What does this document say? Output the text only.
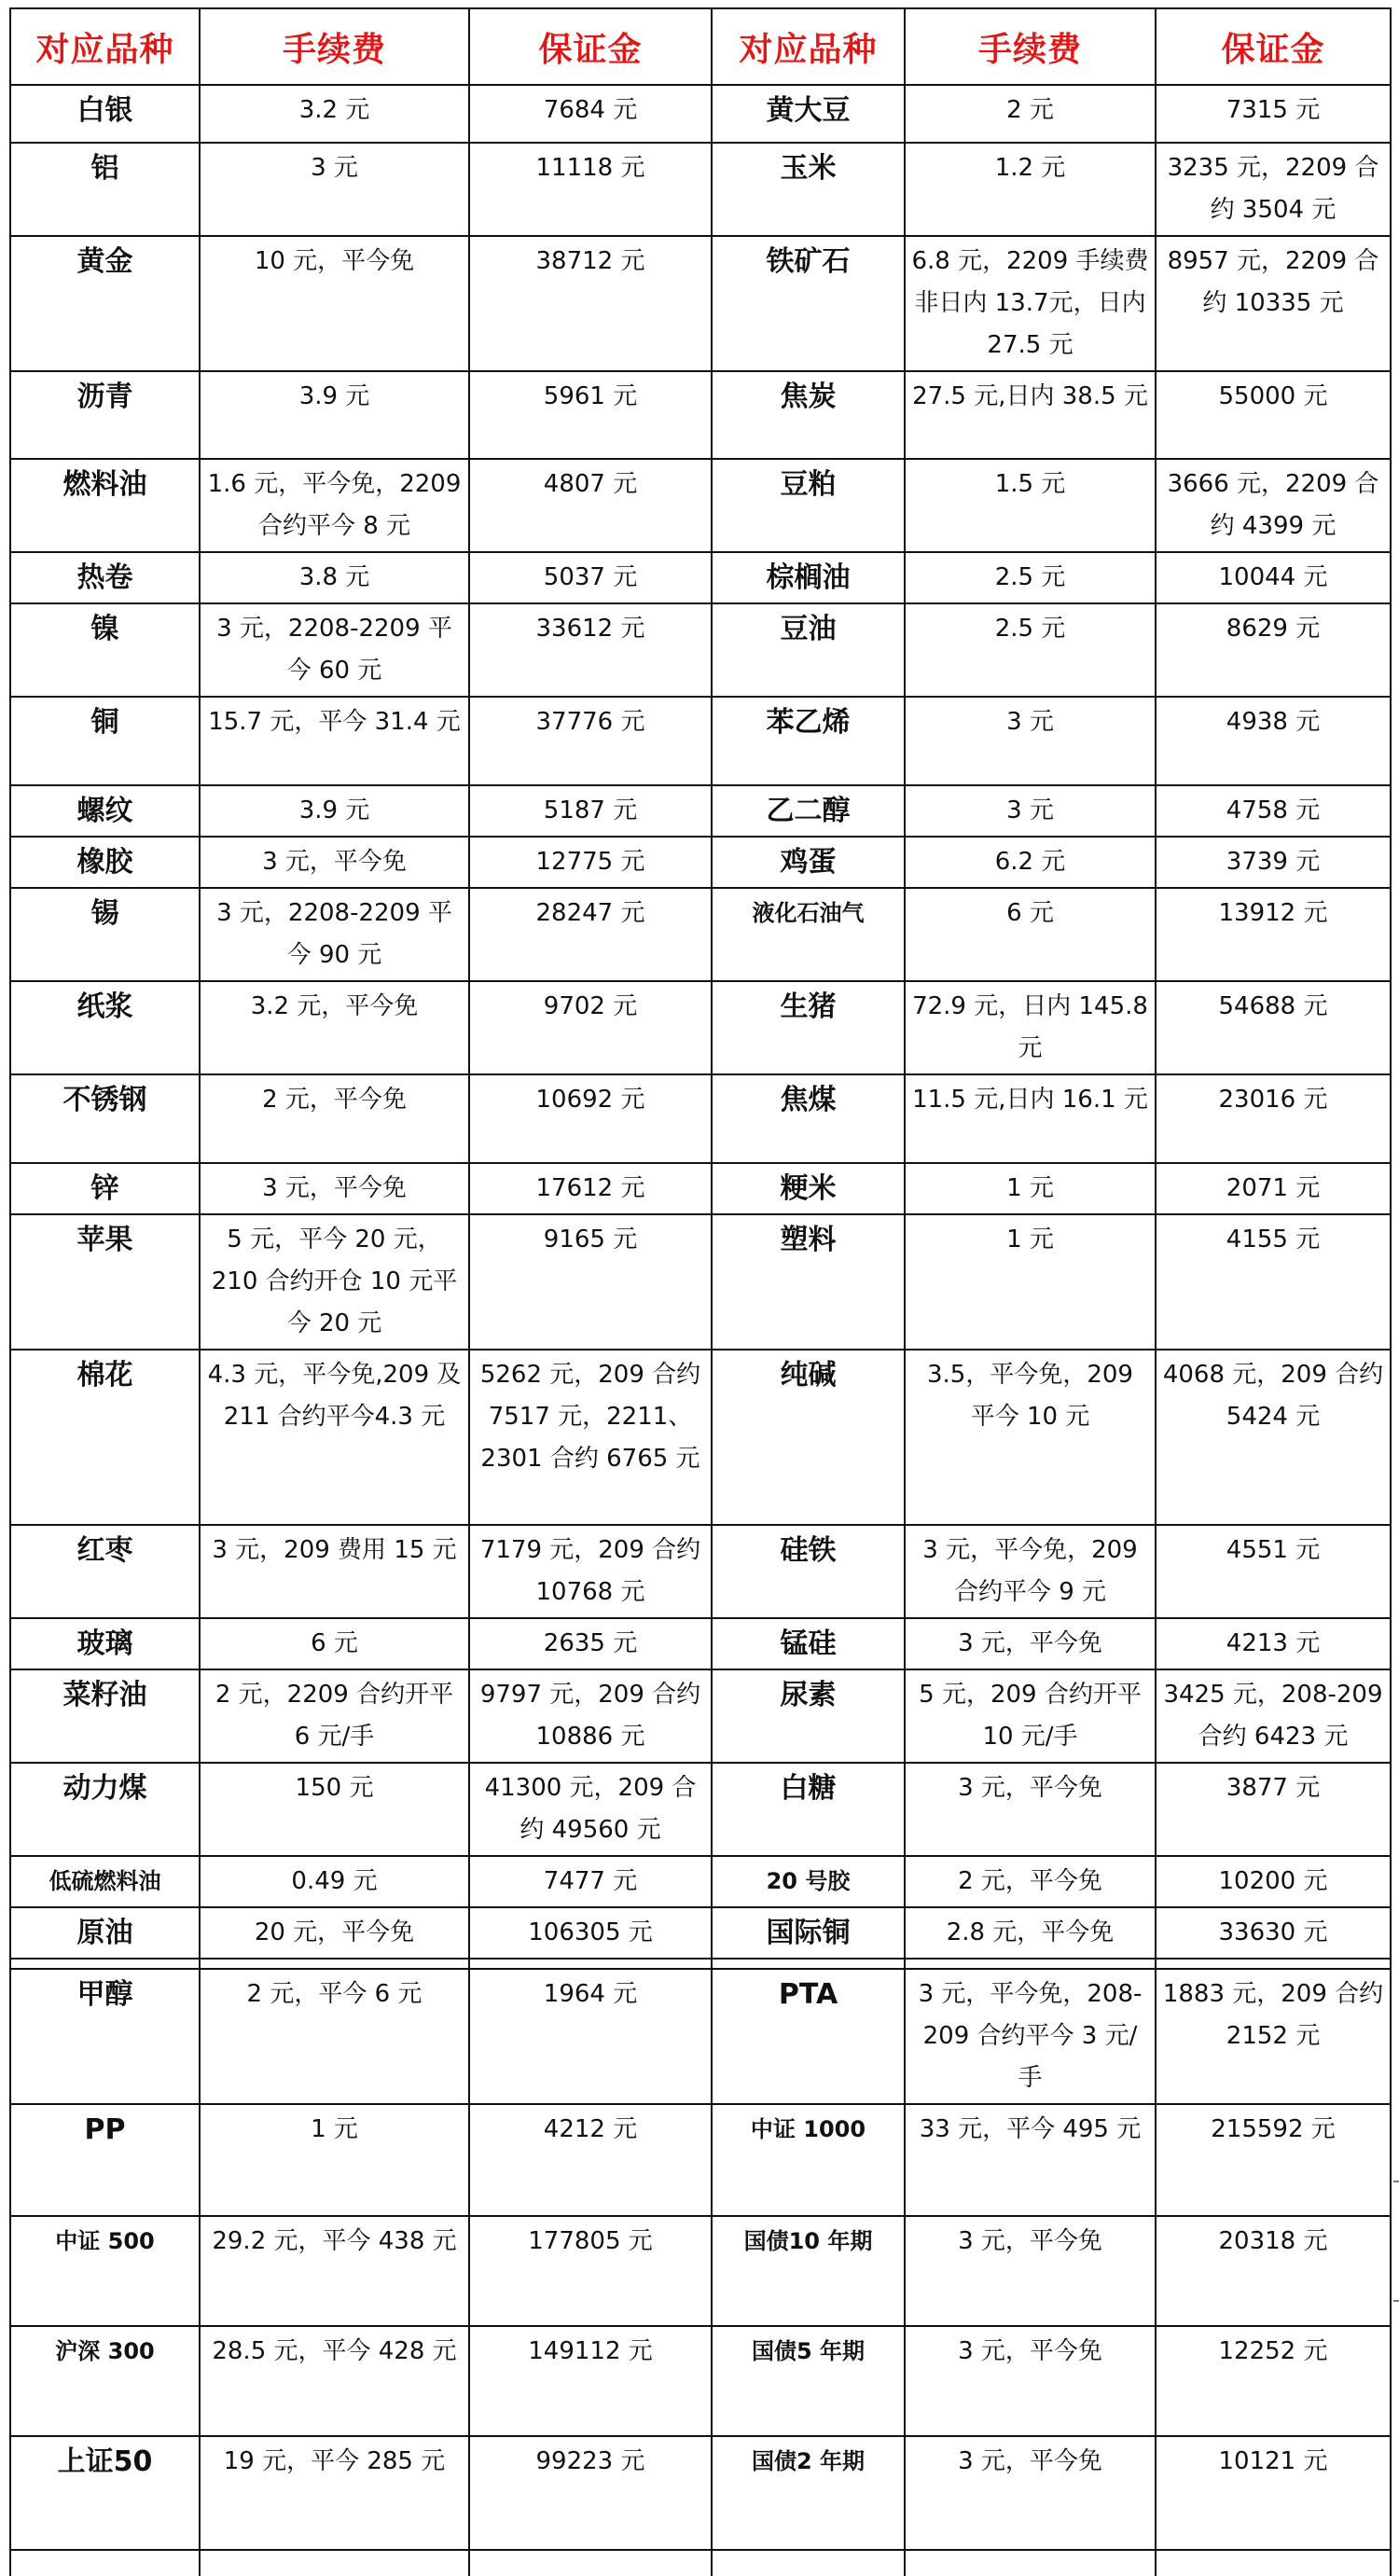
对应品种	手续费	保证金	对应品种	手续费	保证金
白银	3.2 元	7684 元	黄大豆	2 元	7315 元
铝	3 元	11118 元	玉米	1.2 元	3235 元，2209 合约 3504 元
黄金	10 元，平今免	38712 元	铁矿石	6.8 元，2209 手续费非日内 13.7元，日内 27.5 元	8957 元，2209 合约 10335 元
沥青	3.9 元	5961 元	焦炭	27.5 元,日内 38.5 元	55000 元
燃料油	1.6 元，平今免，2209 合约平今 8 元	4807 元	豆粕	1.5 元	3666 元，2209 合约 4399 元
热卷	3.8 元	5037 元	棕榈油	2.5 元	10044 元
镍	3 元，2208-2209 平今 60 元	33612 元	豆油	2.5 元	8629 元
铜	15.7 元，平今 31.4 元	37776 元	苯乙烯	3 元	4938 元
螺纹	3.9 元	5187 元	乙二醇	3 元	4758 元
橡胶	3 元，平今免	12775 元	鸡蛋	6.2 元	3739 元
锡	3 元，2208-2209 平今 90 元	28247 元	液化石油气	6 元	13912 元
纸浆	3.2 元，平今免	9702 元	生猪	72.9 元，日内 145.8 元	54688 元
不锈钢	2 元，平今免	10692 元	焦煤	11.5 元,日内 16.1 元	23016 元
锌	3 元，平今免	17612 元	粳米	1 元	2071 元
苹果	5 元，平今 20 元，210 合约开仓 10 元平今 20 元	9165 元	塑料	1 元	4155 元
棉花	4.3 元，平今免,209 及211 合约平今4.3 元	5262 元，209 合约 7517 元，2211、2301 合约 6765 元	纯碱	3.5，平今免，209 平今 10 元	4068 元，209 合约 5424 元
红枣	3 元，209 费用 15 元	7179 元，209 合约 10768 元	硅铁	3 元，平今免，209 合约平今 9 元	4551 元
玻璃	6 元	2635 元	锰硅	3 元，平今免	4213 元
菜籽油	2 元，2209 合约开平 6 元/手	9797 元，209 合约 10886 元	尿素	5 元，209 合约开平 10 元/手	3425 元，208-209 合约 6423 元
动力煤	150 元	41300 元，209 合约 49560 元	白糖	3 元，平今免	3877 元
低硫燃料油	0.49 元	7477 元	20 号胶	2 元，平今免	10200 元
原油	20 元，平今免	106305 元	国际铜	2.8 元，平今免	33630 元

甲醇	2 元，平今 6 元	1964 元	PTA	3 元，平今免，208-209 合约平今 3 元/手	1883 元，209 合约 2152 元
PP	1 元	4212 元	中证 1000	33 元，平今 495 元	215592 元
中证 500	29.2 元，平今 438 元	177805 元	国债10 年期	3 元，平今免	20318 元
沪深 300	28.5 元，平今 428 元	149112 元	国债5 年期	3 元，平今免	12252 元
上证50	19 元，平今 285 元	99223 元	国债2 年期	3 元，平今免	10121 元
